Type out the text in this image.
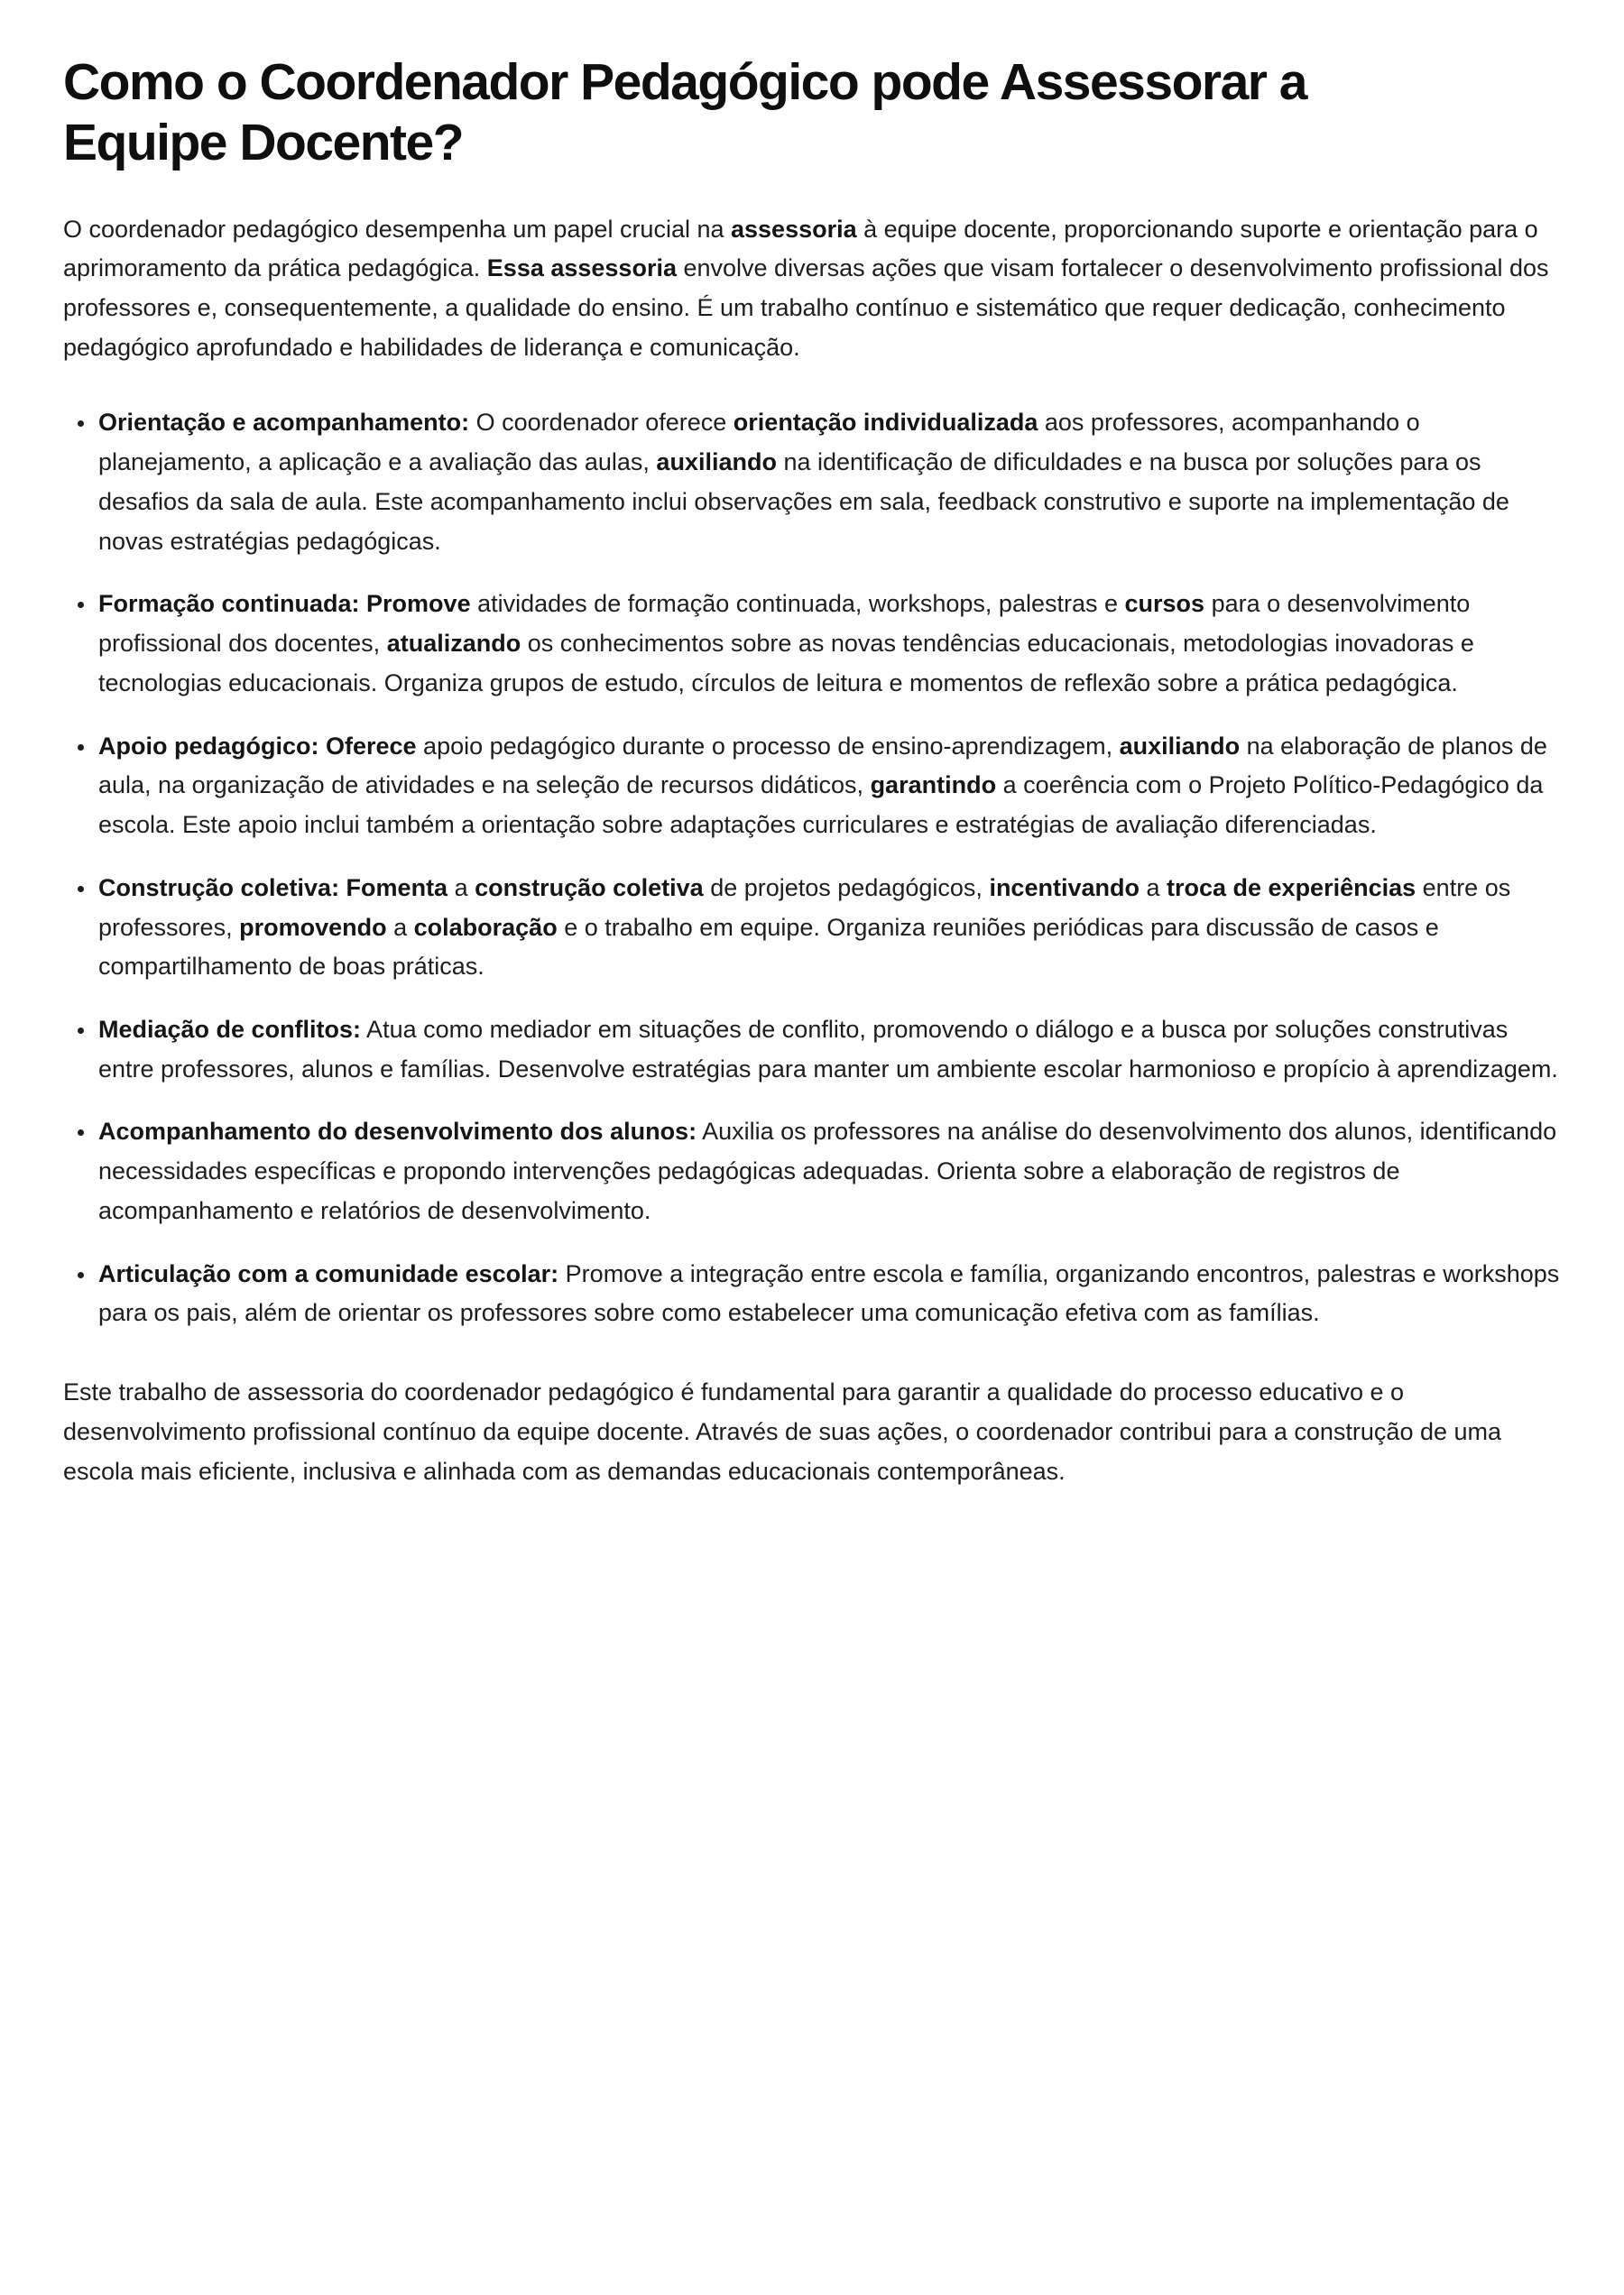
Como o Coordenador Pedagógico pode Assessorar a Equipe Docente?

O coordenador pedagógico desempenha um papel crucial na assessoria à equipe docente, proporcionando suporte e orientação para o aprimoramento da prática pedagógica. Essa assessoria envolve diversas ações que visam fortalecer o desenvolvimento profissional dos professores e, consequentemente, a qualidade do ensino. É um trabalho contínuo e sistemático que requer dedicação, conhecimento pedagógico aprofundado e habilidades de liderança e comunicação.

• Orientação e acompanhamento: O coordenador oferece orientação individualizada aos professores, acompanhando o planejamento, a aplicação e a avaliação das aulas, auxiliando na identificação de dificuldades e na busca por soluções para os desafios da sala de aula. Este acompanhamento inclui observações em sala, feedback construtivo e suporte na implementação de novas estratégias pedagógicas.
• Formação continuada: Promove atividades de formação continuada, workshops, palestras e cursos para o desenvolvimento profissional dos docentes, atualizando os conhecimentos sobre as novas tendências educacionais, metodologias inovadoras e tecnologias educacionais. Organiza grupos de estudo, círculos de leitura e momentos de reflexão sobre a prática pedagógica.
• Apoio pedagógico: Oferece apoio pedagógico durante o processo de ensino-aprendizagem, auxiliando na elaboração de planos de aula, na organização de atividades e na seleção de recursos didáticos, garantindo a coerência com o Projeto Político-Pedagógico da escola. Este apoio inclui também a orientação sobre adaptações curriculares e estratégias de avaliação diferenciadas.
• Construção coletiva: Fomenta a construção coletiva de projetos pedagógicos, incentivando a troca de experiências entre os professores, promovendo a colaboração e o trabalho em equipe. Organiza reuniões periódicas para discussão de casos e compartilhamento de boas práticas.
• Mediação de conflitos: Atua como mediador em situações de conflito, promovendo o diálogo e a busca por soluções construtivas entre professores, alunos e famílias. Desenvolve estratégias para manter um ambiente escolar harmonioso e propício à aprendizagem.
• Acompanhamento do desenvolvimento dos alunos: Auxilia os professores na análise do desenvolvimento dos alunos, identificando necessidades específicas e propondo intervenções pedagógicas adequadas. Orienta sobre a elaboração de registros de acompanhamento e relatórios de desenvolvimento.
• Articulação com a comunidade escolar: Promove a integração entre escola e família, organizando encontros, palestras e workshops para os pais, além de orientar os professores sobre como estabelecer uma comunicação efetiva com as famílias.

Este trabalho de assessoria do coordenador pedagógico é fundamental para garantir a qualidade do processo educativo e o desenvolvimento profissional contínuo da equipe docente. Através de suas ações, o coordenador contribui para a construção de uma escola mais eficiente, inclusiva e alinhada com as demandas educacionais contemporâneas.
